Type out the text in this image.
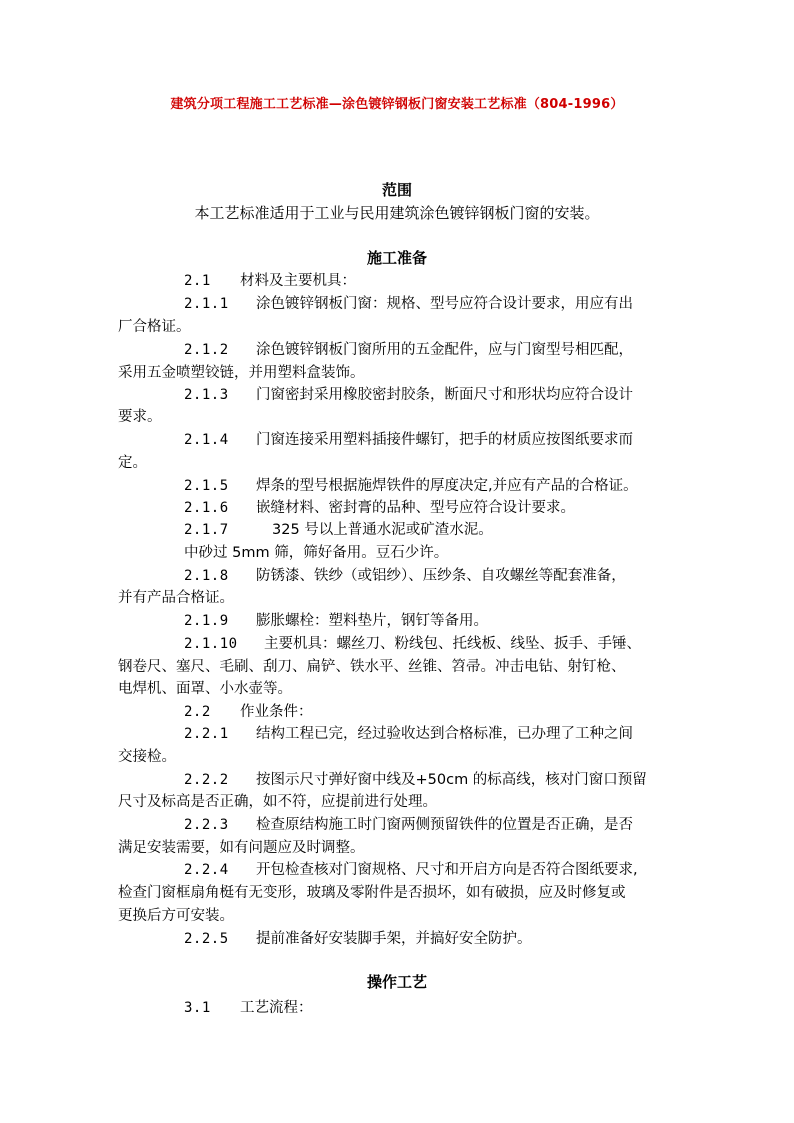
建筑分项工程施工工艺标准—涂色镀锌钢板门窗安装工艺标准（804-1996）
范围
本工艺标准适用于工业与民用建筑涂色镀锌钢板门窗的安装。
施工准备
2.1 材料及主要机具：
2.1.1 涂色镀锌钢板门窗：规格、型号应符合设计要求，用应有出
厂合格证。
2.1.2 涂色镀锌钢板门窗所用的五金配件，应与门窗型号相匹配，
采用五金喷塑铰链，并用塑料盒装饰。
2.1.3 门窗密封采用橡胶密封胶条，断面尺寸和形状均应符合设计
要求。
2.1.4 门窗连接采用塑料插接件螺钉，把手的材质应按图纸要求而
定。
2.1.5 焊条的型号根据施焊铁件的厚度决定,并应有产品的合格证。
2.1.6 嵌缝材料、密封膏的品种、型号应符合设计要求。
2.1.7	325 号以上普通水泥或矿渣水泥。
中砂过 5mm 筛，筛好备用。豆石少许。
2.1.8 防锈漆、铁纱（或铝纱）、压纱条、自攻螺丝等配套准备，
并有产品合格证。
2.1.9 膨胀螺栓：塑料垫片，钢钉等备用。
2.1.10 主要机具：螺丝刀、粉线包、托线板、线坠、扳手、手锤、
钢卷尺、塞尺、毛刷、刮刀、扁铲、铁水平、丝锥、笤帚。冲击电钻、射钉枪、
电焊机、面罩、小水壶等。
2.2 作业条件：
2.2.1 结构工程已完，经过验收达到合格标准，已办理了工种之间
交接检。
2.2.2 按图示尺寸弹好窗中线及+50cm 的标高线，核对门窗口预留
尺寸及标高是否正确，如不符，应提前进行处理。
2.2.3 检查原结构施工时门窗两侧预留铁件的位置是否正确，是否
满足安装需要，如有问题应及时调整。
2.2.4 开包检查核对门窗规格、尺寸和开启方向是否符合图纸要求,
检查门窗框扇角梃有无变形，玻璃及零附件是否损坏，如有破损，应及时修复或
更换后方可安装。
2.2.5 提前准备好安装脚手架，并搞好安全防护。
操作工艺
3.1 工艺流程：
